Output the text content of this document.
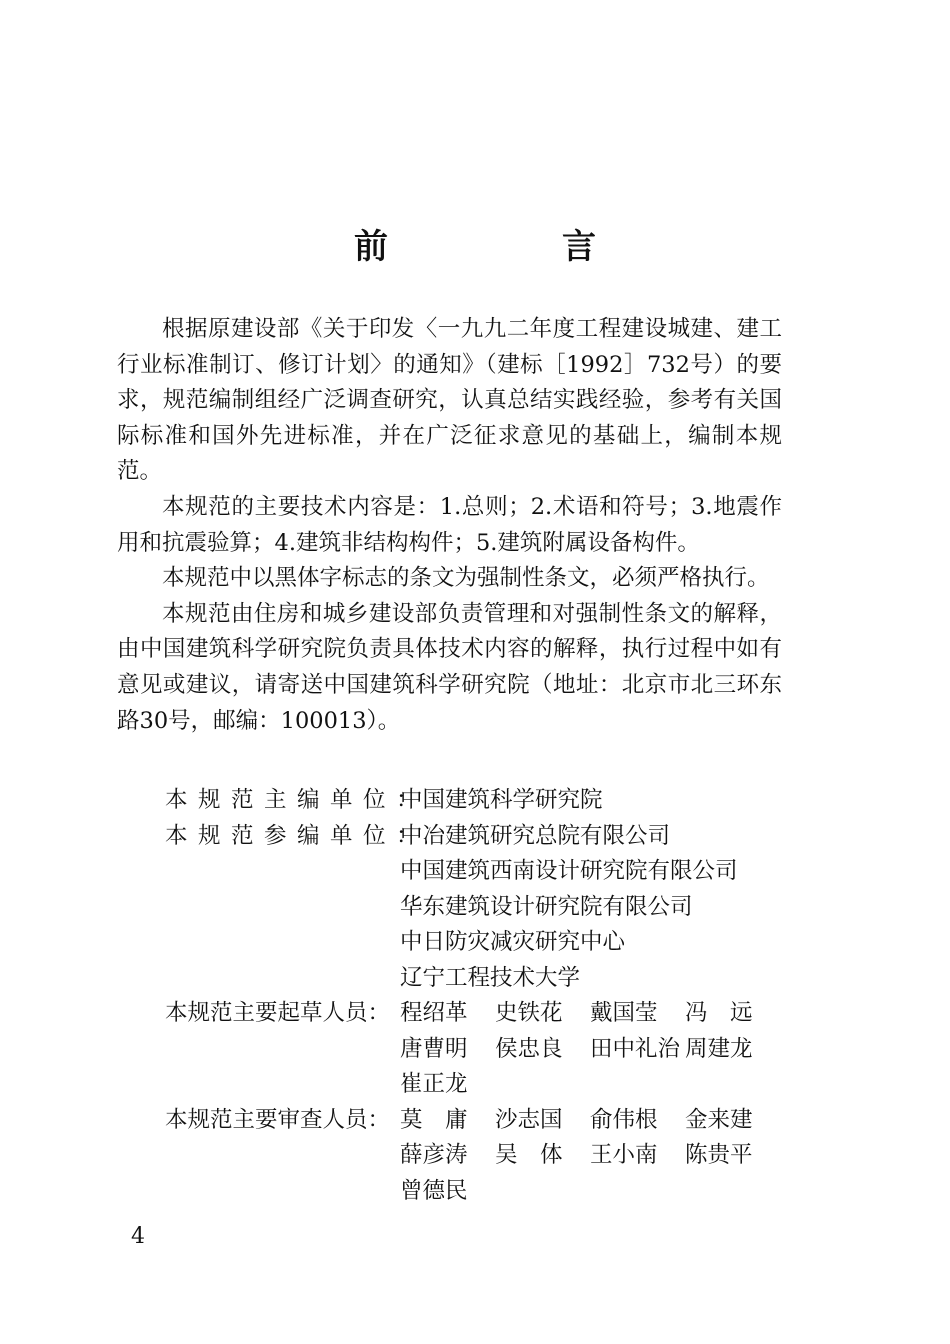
前　言

根据原建设部《关于印发〈一九九二年度工程建设城建、建工行业标准制订、修订计划〉的通知》（建标［1992］732号）的要求，规范编制组经广泛调查研究，认真总结实践经验，参考有关国际标准和国外先进标准，并在广泛征求意见的基础上，编制本规范。

本规范的主要技术内容是：1.总则；2.术语和符号；3.地震作用和抗震验算；4.建筑非结构构件；5.建筑附属设备构件。

本规范中以黑体字标志的条文为强制性条文，必须严格执行。

本规范由住房和城乡建设部负责管理和对强制性条文的解释，由中国建筑科学研究院负责具体技术内容的解释，执行过程中如有意见或建议，请寄送中国建筑科学研究院（地址：北京市北三环东路30号，邮编：100013）。

本规范主编单位：
中国建筑科学研究院
本规范参编单位：
中冶建筑研究总院有限公司
中国建筑西南设计研究院有限公司
华东建筑设计研究院有限公司
中日防灾减灾研究中心
辽宁工程技术大学
本规范主要起草人员： 程绍革	史铁花	戴国莹	冯　远
唐曹明	侯忠良	田中礼治 周建龙
崔正龙
本规范主要审查人员： 莫　庸	沙志国	俞伟根	金来建
薛彦涛	吴　体	王小南	陈贵平
曾德民
4
